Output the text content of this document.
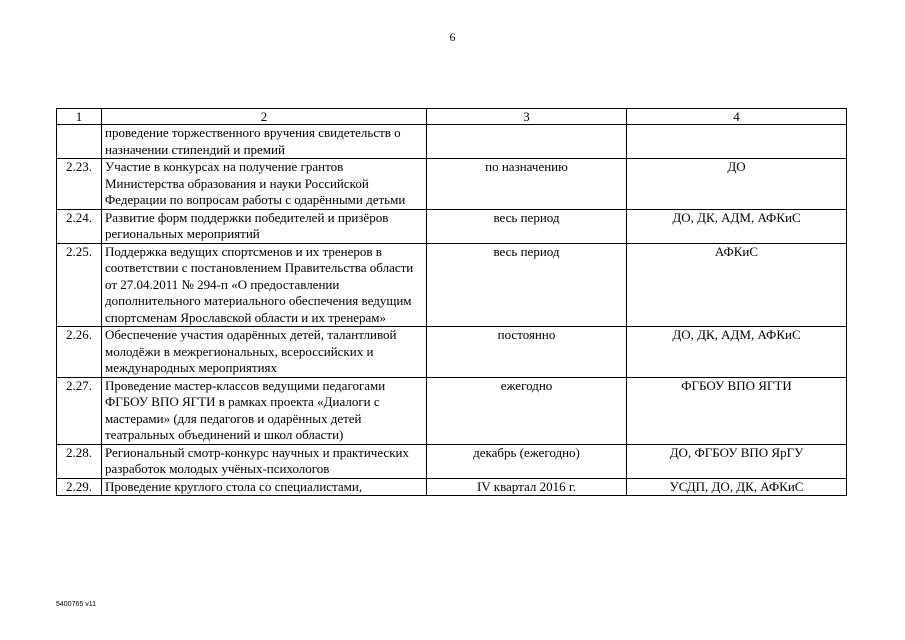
6
1	2	3	4
	проведение торжественного вручения свидетельств о назначении стипендий и премий		
2.23.	Участие в конкурсах на получение грантов Министерства образования и науки Российской Федерации по вопросам работы с одарёнными детьми	по назначению	ДО
2.24.	Развитие форм поддержки победителей и призёров региональных мероприятий	весь период	ДО, ДК, АДМ, АФКиС
2.25.	Поддержка ведущих спортсменов и их тренеров в соответствии с постановлением Правительства области от 27.04.2011 № 294-п «О предоставлении дополнительного материального обеспечения ведущим спортсменам Ярославской области и их тренерам»	весь период	АФКиС
2.26.	Обеспечение участия одарённых детей, талантливой молодёжи в межрегиональных, всероссийских и международных мероприятиях	постоянно	ДО, ДК, АДМ, АФКиС
2.27.	Проведение мастер-классов ведущими педагогами ФГБОУ ВПО ЯГТИ в рамках проекта «Диалоги с мастерами» (для педагогов и одарённых детей театральных объединений и школ области)	ежегодно	ФГБОУ ВПО ЯГТИ
2.28.	Региональный смотр-конкурс научных и практических разработок молодых учёных-психологов	декабрь (ежегодно)	ДО, ФГБОУ ВПО ЯрГУ
2.29.	Проведение круглого стола со специалистами,	IV квартал 2016 г.	УСДП, ДО, ДК, АФКиС
5400765 v11
